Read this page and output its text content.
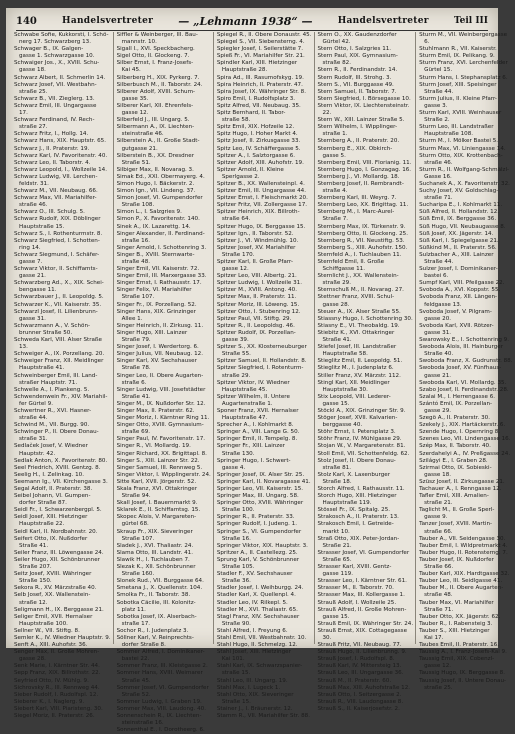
140	Handelsvertreter — „Lehmann 1938“ —	Handelsvertreter	Teil III
Schwabe Sofie, Kukkorsti, I. Schö-
nerg 17. Schwarzberg 13.
Schwager B., IX. Galgen-
gasse 1. Schwarzgasse 10.
Schwaiger Jos., X., XVIII. Schu-
gasse 18.
Schwarz Albert, II. Schmerlin 14.
Schwarz Josef, VII. Westbahn-
straße 25.
Schwarz B., VII. Zieglerg. 13.
Schwarz Emil, III. Ungargasse
17.
Schwarz Ferdinand, IV. Rech-
straße 27.
Schwarz Fritz, I., Hollg. 14.
Schwarz Hans, XIX. Hauptstr. 65.
Schwarz J., II. Praterstr. 19.
Schwarz Karl, IV. Favoritenstr. 40.
Schwarz Leo, II. Taborstr. 4.
Schwarz Leopold, I., Wollzeile 14.
Schwarz Ludwig, VII. Lerchen-
feldstr. 31.
Schwarz M., VII. Neubaug. 66.
Schwarz Max, VII. Mariahilfer-
straße 46.
Schwarz O., III. Schulg. 5.
Schwarz Rudolf, XIX. Döblinger
Hauptstraße 15.
Schwarz S., I. Rothenturmstr. 8.
Schwarz Siegfried, I. Schotten-
ring 14.
Schwarz Siegmund, I. Schäfer-
gasse 7.
Schwarz Viktor, II. Schiffamts-
gasse 21.
Schwarzberg Ad., X., XIX. Schei-
bengasse 11.
Schwarzbauer J., II. Leopoldg. 5.
Schwarzer K., VII. Kaiserstr. 35.
Schwarzl Josef, II. Lilienbrunn-
gasse 31.
Schwarzmann A., V. Schön-
brunner Straße 50.
Schweda Karl, VIII. Alser Straße
13.
Schweiger A., IX. Porzellang. 20.
Schweiger Franz, XII. Meidlinger
Hauptstraße 41.
Schweinberger Emil, III. Land-
straßer Hauptstr. 71.
Schwelle A., I. Plankeng. 5.
Schwendenwein Fr., XIV. Mariahil-
fer Gürtel 9.
Schwertner R., XVI. Hasner-
straße 44.
Schwind M., VII. Burgg. 90.
Schwinger P., II. Obere Donau-
straße 31.
Sedlaček Josef, V. Wiedner
Hauptstr. 42.
Sedlak Anton, X. Favoritenstr. 80.
Seel Friedrich, XVIII. Gentzg. 8.
Seelig H., I. Zelinkag. 10.
Seemann Ig., VII. Kirchengasse 3.
Segal Adolf, II. Praterstr. 38.
Seibel Johann, VI. Gumpen-
dorfer Straße 87.
Seidl Fr., I. Schwarzenbergpl. 5.
Seidl Josef, XIII. Hietzinger
Hauptstraße 22.
Seidl Karl, II. Nordbahnstr. 20.
Seifert Otto, IX. Nußdorfer
Straße 41.
Seiler Franz, III. Löwengasse 24.
Seiler Hugo, XII. Schönbrunner
Straße 207.
Seitz Josef, XVIII. Währinger
Straße 150.
Sekora R., XV. Märzstraße 40.
Selb Josef, XX. Wallenstein-
straße 12.
Seligmann H., IX. Berggasse 21.
Seliger Emil, XVII. Hernalser
Hauptstraße 100.
Sellner W., VII. Stiftg. 8.
Semler K., IV. Wiedner Hauptstr. 9.
Senft A., XIII. Auhofstr. 36.
Senger Max, II. Große Mohren-
gasse 28.
Senk Marie, I. Kärntner Str. 44.
Sepp Franz, XIX. Billrothstr. 22.
Seyfried Otto, IV. Mühlg. 9.
Sichrovsky R., III. Rennweg 44.
Sieber Rudolf, I. Rudolfspl. 12.
Sieberer K., I. Naglerg. 9.
Siebert Karl, VIII. Piaristeng. 30.
Siegel Moriz, II. Praterstr. 26.
Siffler & Weinberger, III. Bau-
mannstr. 10.
Sigall I., XVI. Speckbacherg.
Sigel Otto, II. Glockeng. 7.
Silber Ernst, I. Franz-Josefs-
Kai 45.
Silberberg H., XIX. Pyrkerg. 7.
Silberbusch M., II. Taborstr. 24.
Silberer Adolf, XVIII. Schum-
gasse 35.
Silberer Karl, XII. Ehrenfels-
gasse 12.
Silberfeld J., III. Ungarg. 5.
Silbermann A., IX. Liechten-
steinstraße 46.
Silberstein A., II. Große Stadt-
gutgasse 21.
Silberstein B., XX. Dresdner
Straße 51.
Silbiger Max, II. Novarag. 3.
Simak Ed., XXI. Obermayerg. 4.
Simon Hugo, I. Bäckerstr. 2.
Simon Ign., VII. Lindeng. 37.
Simon Josef, VI. Gumpendorfer
Straße 108.
Simon L., I. Salzgries 9.
Simon P., X. Favoritenstr. 140.
Sinek A., IX. Lazarettg. 14.
Singer Alexander, II. Ferdinand-
straße 16.
Singer Arnold, I. Schottenring 3.
Singer B., XVIII. Sternwarte-
straße 48.
Singer Emil, VII. Kaiserstr. 72.
Singer Emil, III. Marxergasse 33.
Singer Ernst, I. Rathausstr. 17.
Singer Felix, VI. Mariahilfer
Straße 107.
Singer Fr., IX. Porzellang. 52.
Singer Hans, XIX. Grinzinger
Allee 1.
Singer Heinrich, II. Zirkusg. 11.
Singer Hugo, XIII. Lainzer
Straße 79.
Singer Josef, I. Werdertorg. 6.
Singer Julius, VII. Neubaug. 12.
Singer Karl, XV. Sechshauser
Straße 78.
Singer Leo, II. Obere Augarten-
straße 6.
Singer Ludwig, VIII. Josefstädter
Straße 41.
Singer M., IX. Nußdorfer Str. 12.
Singer Max, II. Praterstr. 62.
Singer Moriz, I. Kärntner Ring 11.
Singer Otto, XVIII. Gymnasium-
straße 69.
Singer Paul, IV. Favoritenstr. 17.
Singer R., VI. Mollardg. 19.
Singer Richard, XX. Brigittapl. 8.
Singer S., XIII. Lainzer Str. 22.
Singer Samuel, III. Rennweg 5.
Singer Viktor, I. Wipplingerstr. 24.
Sitte Karl, XVII. Jörgerstr. 52.
Skala Franz, XVI. Ottakringer
Straße 94.
Skall Josef, I. Bauernmarkt 9.
Sklarek E., II. Schiffamtsg. 15.
Skopec Alois, V. Margareten-
gürtel 68.
Skraup Fr., XIX. Sieveringer
Straße 107.
Sladek J., XVI. Thaliastr. 24.
Slama Otto, III. Landstr. 41.
Slawik H., I. Tuchlauben 7.
Slezak K., XII. Schönbrunner
Straße 160.
Slonek Rud., VII. Burggasse 64.
Smetana J., X. Quellenstr. 104.
Smolka Fr., II. Taborstr. 38.
Sobotka Cäcilie, III. Kolonitz-
platz 11.
Sobotka Josef, IX. Alserbach-
straße 17.
Sochor R., I. Judenplatz 3.
Söllner Karl, V. Reinprechts-
dorfer Straße 8.
Sommer Alfred, I. Dominikaner-
bastei 22.
Sommer Franz, III. Kleistgasse 2.
Sommer Hans, XVIII. Weimarer
Straße 45.
Sommer Josef, VI. Gumpendorfer
Straße 52.
Sommer Ludwig, I. Graben 19.
Sommer Max, VIII. Laudong. 40.
Sonnenschein R., IX. Liechten-
steinstraße 16.
Sonnenthal E., I. Dorotheerg. 6.
Spiegel R., II. Obere Donaustr. 45.
Spiegel S., VII. Siebensterng. 4.
Spiegler Josef, I. Seilerstätte 7.
Spieß Fr., VI. Mariahilfer Str. 21.
Spindler Karl, XIII. Hietzinger
Hauptstraße 28.
Spira Ad., III. Rasumofskyg. 19.
Spira Heinrich, II. Praterstr. 47.
Spira Josef, IX. Währinger Str. 8.
Spiro Emil, I. Rudolfsplatz 3.
Spitz Alfred, VII. Neubaug. 35.
Spitz Bernhard, II. Tabor-
straße 58.
Spitz Emil, XIX. Hofzeile 12.
Spitz Hugo, I. Hoher Markt 4.
Spitz Josef, II. Zirkusgasse 33.
Spitz Leo, IV. Schäffergasse 5.
Spitzer A., I. Salztorgasse 6.
Spitzer Adolf, XIII. Auhofstr. 19.
Spitzer Arnold, II. Kleine
Sperlgasse 2.
Spitzer B., XX. Wallensteinpl. 4.
Spitzer Emil, III. Ungargasse 44.
Spitzer Ernst, I. Fleischmarkt 20.
Spitzer Fritz, VII. Zollergasse 17.
Spitzer Heinrich, XIX. Billroth-
straße 64.
Spitzer Hugo, IX. Berggasse 15.
Spitzer Ign., II. Taborstr. 52.
Spitzer J., VI. Windmühlg. 10.
Spitzer Josef, XV. Mariahilfer
Straße 170.
Spitzer Karl, II. Große Pfarr-
gasse 12.
Spitzer Leo, VIII. Albertg. 21.
Spitzer Ludwig, I. Wollzeile 31.
Spitzer M., XVIII. Antong. 40.
Spitzer Max, II. Praterstr. 11.
Spitzer Moriz, III. Löweng. 15.
Spitzer Otto, I. Stubenring 12.
Spitzer Paul, VII. Stiftg. 29.
Spitzer R., II. Leopoldsg. 46.
Spitzer Rudolf, IX. Porzellan-
gasse 39.
Spitzer S., XX. Klosterneuburger
Straße 55.
Spitzer Samuel, II. Hollandstr. 8.
Spitzer Siegfried, I. Rotenturm-
straße 29.
Spitzer Viktor, IV. Wiedner
Hauptstraße 45.
Spitzer Wilhelm, II. Untere
Augartenstraße 1.
Sponer Franz, XVII. Hernalser
Hauptstraße 47.
Sprecher A., I. Kohlmarkt 8.
Springer A., VIII. Lange G. 50.
Springer Emil, II. Tempelg. 8.
Springer Fr., XIII. Lainzer
Straße 130.
Springer Hugo, I. Schwert-
gasse 4.
Springer Josef, IX. Alser Str. 25.
Springer Karl, II. Novaragasse 41.
Springer Leo, VII. Kaiserstr. 15.
Springer Max, III. Ungarg. 58.
Springer Otto, XVIII. Währinger
Straße 100.
Springer R., II. Praterstr. 33.
Springer Rudolf, I. Judeng. 1.
Springer S., VI. Gumpendorfer
Straße 16.
Springer Viktor, XIX. Hauptstr. 3.
Spritzer A., II. Castellezg. 25.
Sprung Karl, V. Schönbrunner
Straße 105.
Stadler F., XV. Sechshauser
Straße 36.
Stadler Josef, I. Weihburgg. 24.
Stadler Karl, X. Quellenpl. 4.
Stadler Leo, IV. Rilkepl. 5.
Stadler M., XVI. Thaliastr. 65.
Stagl Franz, XIV. Sechshauser
Straße 90.
Stahl Alfred, I. Freyung 6.
Stahl Emil, VII. Westbahnstr. 10.
Stahl Hugo, II. Schmelzg. 12.
Stahl Josef, XIII. Hietzinger
Kai 101.
Stahl Karl, IX. Schwarzspanier-
straße 15.
Stahl Leo, III. Ungarg. 19.
Stahl Max, I. Lugeck 1.
Stahl Otto, XIX. Sieveringer
Straße 15.
Stainer J., I. Bräunerstr. 12.
Stamm R., VII. Mariahilfer Str. 88.
Stern O., XX. Gaudenzdorfer
Gürtel 42.
Stern Otto, I. Salzgries 11.
Stern Paul, XIX. Gymnasium-
straße 82.
Stern R., II. Ferdinandstr. 14.
Stern Rudolf, III. Strohg. 3.
Stern S., VII. Burggasse 49.
Stern Samuel, II. Taborstr. 7.
Stern Siegfried, I. Börsegasse 10.
Stern Viktor, IX. Liechtensteinstr.
22.
Stern W., XIII. Lainzer Straße 5.
Stern Wilhelm, I. Wipplinger-
straße 1.
Sternberg A., II. Praterstr. 20.
Sternberg E., XIX. Obkirch-
gasse 5.
Sternberg Emil, VIII. Florianig. 11.
Sternberg Hugo, I. Gonzagag. 16.
Sternberg J., VI. Mollardg. 18.
Sternberg Josef, II. Rembrandt-
straße 4.
Sternberg Karl, III. Weyrg. 7.
Sternberg Leo, XX. Brigittag. 11.
Sternberg M., I. Marc-Aurel-
Straße 7.
Sternberg Max, IX. Türkenstr. 9.
Sternberg Otto, II. Glockeng. 25.
Sternberg R., VII. Neustiftg. 53.
Sternberg S., XIII. Auhofstr. 150.
Sternfeld A., I. Tuchlauben 11.
Sternfeld Emil, II. Große
Schiffgasse 11.
Sternlicht J., XX. Wallenstein-
straße 29.
Sternschuß M., II. Novarag. 27.
Stettner Franz, XVIII. Schul-
gasse 28.
Steuer A., IX. Alser Straße 55.
Stiassny Hugo, I. Schottenring 30.
Stiasny E., VI. Theobaldg. 19.
Stiebitz K., XVI. Ottakringer
Straße 41.
Stiefel Josef, III. Landstraßer
Hauptstraße 58.
Stieglitz Emil, II. Leopoldg. 51.
Stieglitz M., I. Judenplatz 6.
Stiller Franz, XV. Märzstr. 112.
Stingl Karl, XII. Meidlinger
Hauptstraße 30.
Stix Leopold, VIII. Lederer-
gasse 15.
Stöckl A., XIX. Grinzinger Str. 9.
Stöger Josef, XVII. Kalvarien-
berggasse 40.
Stöhr Ernst, I. Petersplatz 3.
Stöhr Franz, IV. Mühlgasse 29.
Stojan W., V. Margaretenstr. 81.
Stoll Emil, VII. Schottenfeldg. 62.
Stolz Josef, II. Obere Donau-
straße 81.
Stolz Karl, X. Laxenburger
Straße 18.
Storch Alfred, I. Rathausstr. 11.
Storch Hugo, XIII. Hietzinger
Hauptstraße 119.
Stössel Fr., IX. Spitalg. 25.
Strakosch A., II. Praterstr. 13.
Strakosch Emil, I. Getreide-
markt 10.
Straß Otto, XIX. Peter-Jordan-
Straße 21.
Strasser Josef, VI. Gumpendorfer
Straße 65.
Strasser Karl, XVIII. Gentz-
gasse 119.
Strasser Leo, I. Kärntner Str. 61.
Strasser M., II. Taborstr. 70.
Strasser Max, III. Kollergasse 1.
Strauß Adolf, I. Wollzeile 25.
Strauß Alfred, II. Große Mohren-
gasse 15.
Strauß Emil, IX. Währinger Str. 24.
Strauß Ernst, XIX. Cottagegasse
30.
Strauß Fritz, VII. Neubaug. 77.
Strauß Hugo, II. Lilienbrunng. 9.
Strauß Josef, I. Rudolfspl. 8.
Strauß Karl, IV. Mittersteig 13.
Strauß Leo, III. Ungargasse 36.
Strauß M., II. Praterstr. 60.
Strauß Max, XIII. Auhofstraße 12.
Strauß Otto, I. Seitzergasse 2.
Strauß R., VIII. Laudongasse 8.
Strauß S., II. Kaiserjosefstr. 2.
Sturm M., VII. Weinbergergasse
6.
Stuhlmann R., VII. Kaiserstr.
Sturm Emil, IX. Pelikang. 9.
Sturm Franz, XVI. Lerchenfelder
Gürtel 15.
Sturm Hans, I. Stephansplatz 6.
Sturm Josef, XIII. Speisinger
Straße 44.
Sturm Julius, II. Kleine Pfarr-
gasse 3.
Sturm Karl, XVIII. Weinhauser
Straße 2.
Sturm Leo, III. Landstraßer
Hauptstraße 108.
Sturm M., I. Mölker Bastei 5.
Sturm Max, VI. Liniengasse 14.
Sturm Otto, XIX. Krottenbach-
straße 46.
Sturm R., II. Wolfgang-Schmälzl-
Gasse 16.
Suchanek A., X. Favoritenstr. 32.
Suchy Josef, XV. Goldschlag-
straße 71.
Sucharipa E., I. Kohlmarkt 11.
Süß Alfred, II. Hollandstr. 12.
Süß Emil, IX. Berggasse 36.
Süß Hugo, VII. Neubaugasse 8.
Süß Josef, XX. Jägerstr. 14.
Süß Karl, I. Spiegelgasse 21.
Süßkind M., II. Praterstr. 56.
Sulzbacher A., XIII. Lainzer
Straße 44.
Sulzer Josef, I. Dominikaner-
bastei 6.
Sumpf Karl, VIII. Pfeilgasse 22.
Svoboda A., XVI. Koppstr. 55.
Svoboda Franz, XII. Längen-
feldgasse 13.
Svoboda Josef, V. Pilgram-
gasse 20.
Svoboda Karl, XVII. Rötzer-
gasse 31.
Swarowsky E., I. Schottenring 9.
Swoboda Alois, III. Hainburger
Straße 40.
Swoboda Franz, X. Gudrunstr. 88.
Swoboda Josef, XV. Fünfhaus-
gasse 21.
Swoboda Karl, VI. Mollardg. 35.
Szabo Josef, II. Ferdinandstr. 28.
Szalai M., I. Herrengasse 6.
Szántó Emil, IX. Porzellan-
gasse 29.
Szegö A., II. Praterstr. 30.
Szekely J., XIX. Hartäckerstr. 6.
Szende Hugo, I. Opernring 8.
Szenes Leo, VII. Lindengasse 16.
Szép Max, II. Taborstr. 40.
Szerdahelyi A., IV. Preßgasse 24.
Szilágyi E., I. Graben 28.
Szirmai Otto, IX. Sobieski-
gasse 18.
Szüsz Josef, II. Zirkusgasse 21.
Tachauer A., I. Renngasse 12.
Tafler Emil, XIII. Amalien-
straße 21.
Taglicht M., II. Große Sperl-
gasse 9.
Tanzer Josef, XVIII. Martin-
straße 66.
Tauber A., VII. Seidengasse 30.
Tauber Emil, I. Wildpretmarkt 4.
Tauber Hugo, II. Rotensterng. 7.
Tauber Josef, IX. Nußdorfer
Straße 66.
Tauber Karl, XIX. Hardtgasse 32.
Tauber Leo, III. Seidlgasse 41.
Tauber M., II. Obere Augarten-
straße 48.
Tauber Max, VI. Mariahilfer
Straße 71.
Tauber Otto, XX. Jägerstr. 62.
Tauber R., I. Rabensteig 3.
Tauber S., XIII. Hietzinger
Kai 17.
Taubes Emil, II. Praterstr. 16.
Taussig A., I. Franz-Josefs-Kai 9.
Taussig Emil, XIX. Cobenzl-
gasse 12.
Taussig Hugo, IX. Berggasse 8.
Taussig Josef, II. Untere Donau-
straße 25.
